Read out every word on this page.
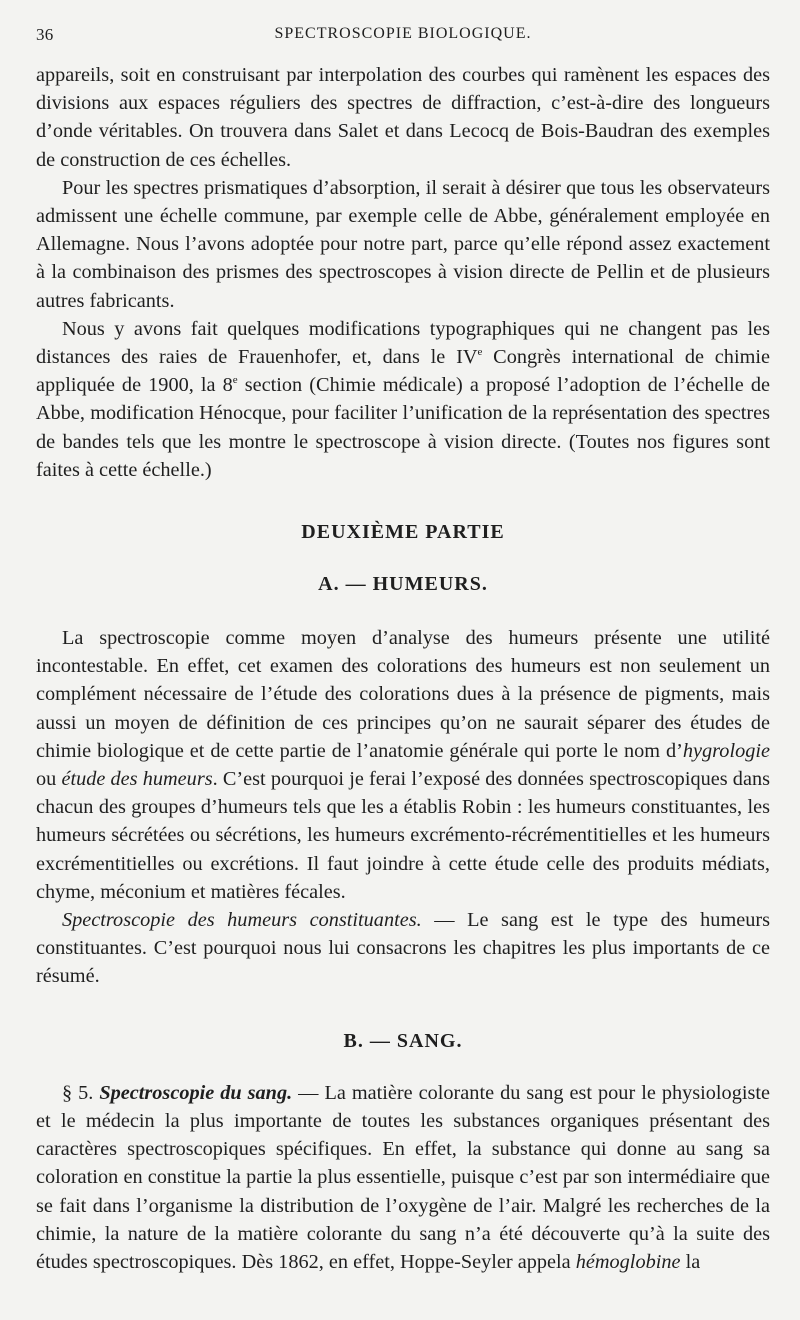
36	SPECTROSCOPIE BIOLOGIQUE.

appareils, soit en construisant par interpolation des courbes qui ramènent les espaces des divisions aux espaces réguliers des spectres de diffraction, c’est-à-dire des longueurs d’onde véritables. On trouvera dans Salet et dans Lecocq de Bois-Baudran des exemples de construction de ces échelles.

Pour les spectres prismatiques d’absorption, il serait à désirer que tous les observateurs admissent une échelle commune, par exemple celle de Abbe, généralement employée en Allemagne. Nous l’avons adoptée pour notre part, parce qu’elle répond assez exactement à la combinaison des prismes des spectroscopes à vision directe de Pellin et de plusieurs autres fabricants.

Nous y avons fait quelques modifications typographiques qui ne changent pas les distances des raies de Frauenhofer, et, dans le IVe Congrès international de chimie appliquée de 1900, la 8e section (Chimie médicale) a proposé l’adoption de l’échelle de Abbe, modification Hénocque, pour faciliter l’unification de la représentation des spectres de bandes tels que les montre le spectroscope à vision directe. (Toutes nos figures sont faites à cette échelle.)

DEUXIÈME PARTIE
A. — HUMEURS.

La spectroscopie comme moyen d’analyse des humeurs présente une utilité incontestable. En effet, cet examen des colorations des humeurs est non seulement un complément nécessaire de l’étude des colorations dues à la présence de pigments, mais aussi un moyen de définition de ces principes qu’on ne saurait séparer des études de chimie biologique et de cette partie de l’anatomie générale qui porte le nom d’hygrologie ou étude des humeurs. C’est pourquoi je ferai l’exposé des données spectroscopiques dans chacun des groupes d’humeurs tels que les a établis Robin : les humeurs constituantes, les humeurs sécrétées ou sécrétions, les humeurs excrémento-récrémentitielles et les humeurs excrémentitielles ou excrétions. Il faut joindre à cette étude celle des produits médiats, chyme, méconium et matières fécales.

Spectroscopie des humeurs constituantes. — Le sang est le type des humeurs constituantes. C’est pourquoi nous lui consacrons les chapitres les plus importants de ce résumé.

B. — SANG.

§ 5. Spectroscopie du sang. — La matière colorante du sang est pour le physiologiste et le médecin la plus importante de toutes les substances organiques présentant des caractères spectroscopiques spécifiques. En effet, la substance qui donne au sang sa coloration en constitue la partie la plus essentielle, puisque c’est par son intermédiaire que se fait dans l’organisme la distribution de l’oxygène de l’air. Malgré les recherches de la chimie, la nature de la matière colorante du sang n’a été découverte qu’à la suite des études spectroscopiques. Dès 1862, en effet, Hoppe-Seyler appela hémoglobine la
